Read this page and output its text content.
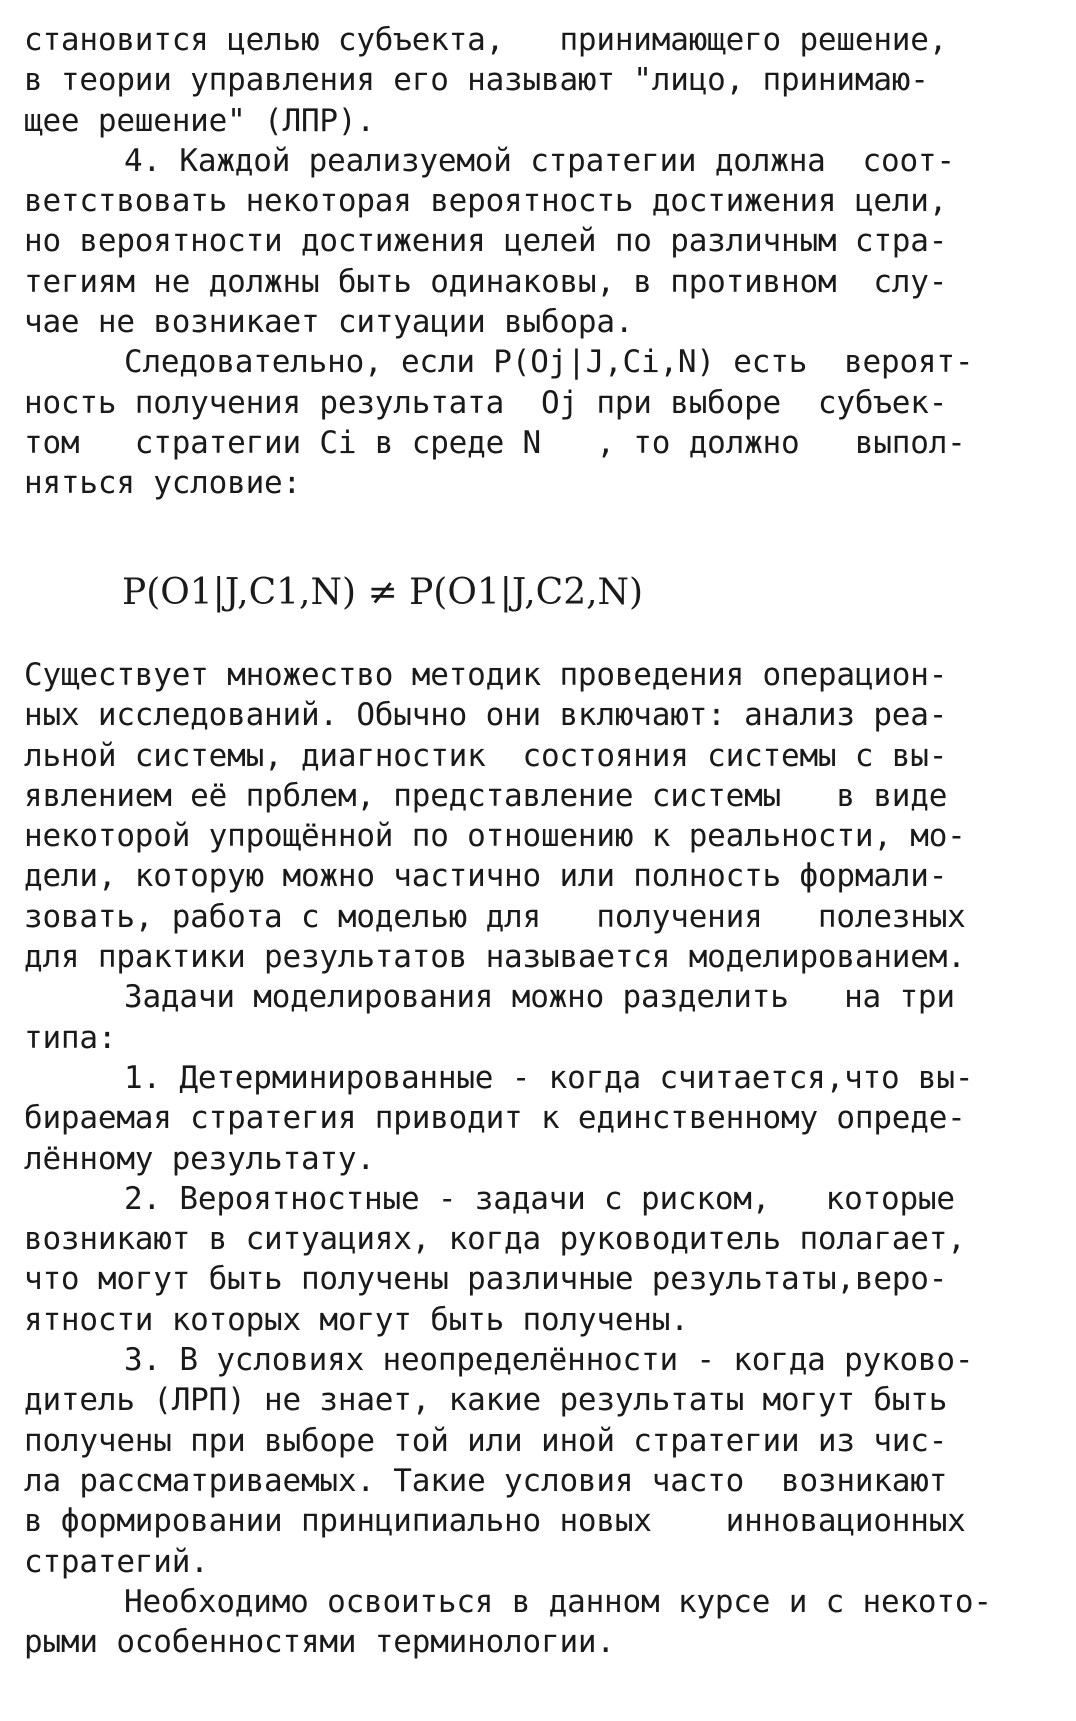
становится целью субъекта,   принимающего решение,
в теории управления его называют "лицо, принимаю-
щее решение" (ЛПР).
4. Каждой реализуемой стратегии должна  соот-
ветствовать некоторая вероятность достижения цели,
но вероятности достижения целей по различным стра-
тегиям не должны быть одинаковы, в противном  слу-
чае не возникает ситуации выбора.
Следовательно, если P(Oj|J,Ci,N) есть  вероят-
ность получения результата  Oj при выборе  субъек-
том   стратегии Ci в среде N   , то должно   выпол-
няться условие:
P(O1|J,C1,N) ≠ P(O1|J,C2,N)
Существует множество методик проведения операцион-
ных исследований. Обычно они включают: анализ реа-
льной системы, диагностик  состояния системы с вы-
явлением её прблем, представление системы   в виде
некоторой упрощённой по отношению к реальности, мо-
дели, которую можно частично или полность формали-
зовать, работа с моделью для   получения   полезных
для практики результатов называется моделированием.
Задачи моделирования можно разделить   на три
типа:
1. Детерминированные - когда считается,что вы-
бираемая стратегия приводит к единственному опреде-
лённому результату.
2. Вероятностные - задачи с риском,   которые
возникают в ситуациях, когда руководитель полагает,
что могут быть получены различные результаты,веро-
ятности которых могут быть получены.
3. В условиях неопределённости - когда руково-
дитель (ЛРП) не знает, какие результаты могут быть
получены при выборе той или иной стратегии из чис-
ла рассматриваемых. Такие условия часто  возникают
в формировании принципиально новых    инновационных
стратегий.
Необходимо освоиться в данном курсе и с некото-
рыми особенностями терминологии.
